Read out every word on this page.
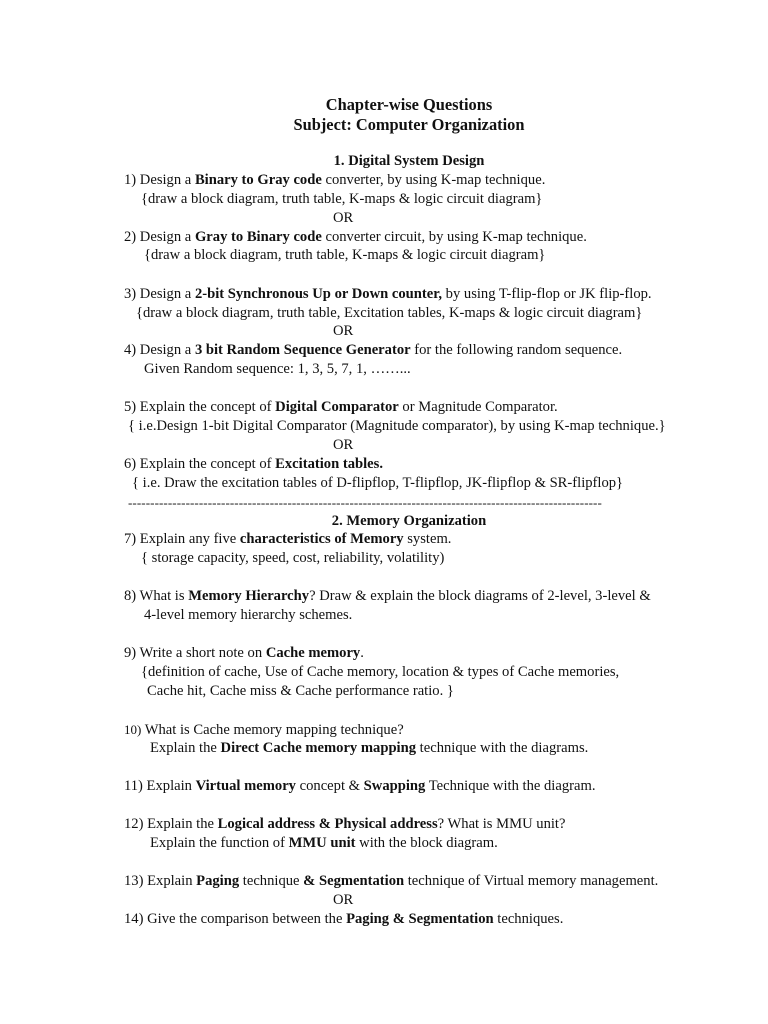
Chapter-wise Questions
Subject: Computer Organization
1. Digital System Design
1) Design a Binary to Gray code converter, by using K-map technique.
{draw a block diagram, truth table, K-maps & logic circuit diagram}
OR
2) Design a Gray to Binary code converter circuit, by using K-map technique.
{draw a block diagram, truth table, K-maps & logic circuit diagram}
3) Design a 2-bit Synchronous Up or Down counter, by using T-flip-flop or JK flip-flop.
{draw a block diagram, truth table, Excitation tables, K-maps & logic circuit diagram}
OR
4) Design a 3 bit Random Sequence Generator for the following random sequence.
Given Random sequence: 1, 3, 5, 7, 1, ……...
5) Explain the concept of Digital Comparator or Magnitude Comparator.
{ i.e.Design 1-bit Digital Comparator (Magnitude comparator), by using K-map technique.}
OR
6) Explain the concept of Excitation tables.
{ i.e. Draw the excitation tables of D-flipflop, T-flipflop, JK-flipflop & SR-flipflop}
-----------------------------------------------------------------------------------------------------------
2. Memory Organization
7) Explain any five characteristics of Memory system.
{ storage capacity, speed, cost, reliability, volatility)
8) What is Memory Hierarchy? Draw & explain the block diagrams of 2-level, 3-level &
4-level memory hierarchy schemes.
9) Write a short note on Cache memory.
{definition of cache, Use of Cache memory, location & types of Cache memories,
Cache hit, Cache miss & Cache performance ratio. }
10) What is Cache memory mapping technique?
Explain the Direct Cache memory mapping technique with the diagrams.
11) Explain Virtual memory concept & Swapping Technique with the diagram.
12) Explain the Logical address & Physical address? What is MMU unit?
Explain the function of MMU unit with the block diagram.
13) Explain Paging technique & Segmentation technique of Virtual memory management.
OR
14) Give the comparison between the Paging & Segmentation techniques.
